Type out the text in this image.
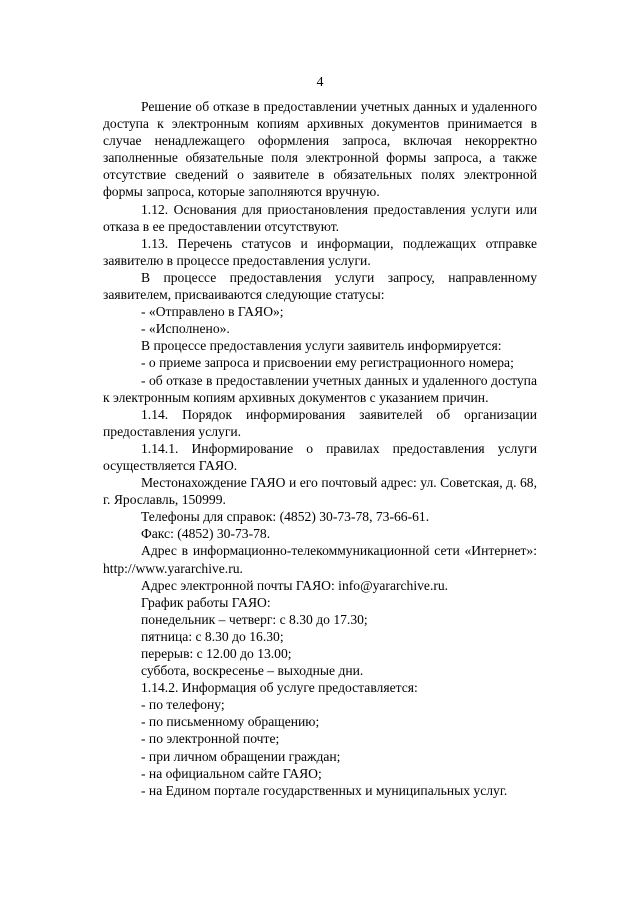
4

Решение об отказе в предоставлении учетных данных и удаленного доступа к электронным копиям архивных документов принимается в случае ненадлежащего оформления запроса, включая некорректно заполненные обязательные поля электронной формы запроса, а также отсутствие сведений о заявителе в обязательных полях электронной формы запроса, которые заполняются вручную.

1.12. Основания для приостановления предоставления услуги или отказа в ее предоставлении отсутствуют.

1.13. Перечень статусов и информации, подлежащих отправке заявителю в процессе предоставления услуги.

В процессе предоставления услуги запросу, направленному заявителем, присваиваются следующие статусы:

- «Отправлено в ГАЯО»;

- «Исполнено».

В процессе предоставления услуги заявитель информируется:

- о приеме запроса и присвоении ему регистрационного номера;

- об отказе в предоставлении учетных данных и удаленного доступа к электронным копиям архивных документов с указанием причин.

1.14. Порядок информирования заявителей об организации предоставления услуги.

1.14.1. Информирование о правилах предоставления услуги осуществляется ГАЯО.

Местонахождение ГАЯО и его почтовый адрес: ул. Советская, д. 68, г. Ярославль, 150999.

Телефоны для справок: (4852) 30-73-78, 73-66-61.

Факс: (4852) 30-73-78.

Адрес в информационно-телекоммуникационной сети «Интернет»: http://www.yararchive.ru.

Адрес электронной почты ГАЯО: info@yararchive.ru.

График работы ГАЯО:

понедельник – четверг: с 8.30 до 17.30;

пятница: с 8.30 до 16.30;

перерыв: с 12.00 до 13.00;

суббота, воскресенье – выходные дни.

1.14.2. Информация об услуге предоставляется:

- по телефону;

- по письменному обращению;

- по электронной почте;

- при личном обращении граждан;

- на официальном сайте ГАЯО;

- на Едином портале государственных и муниципальных услуг.
